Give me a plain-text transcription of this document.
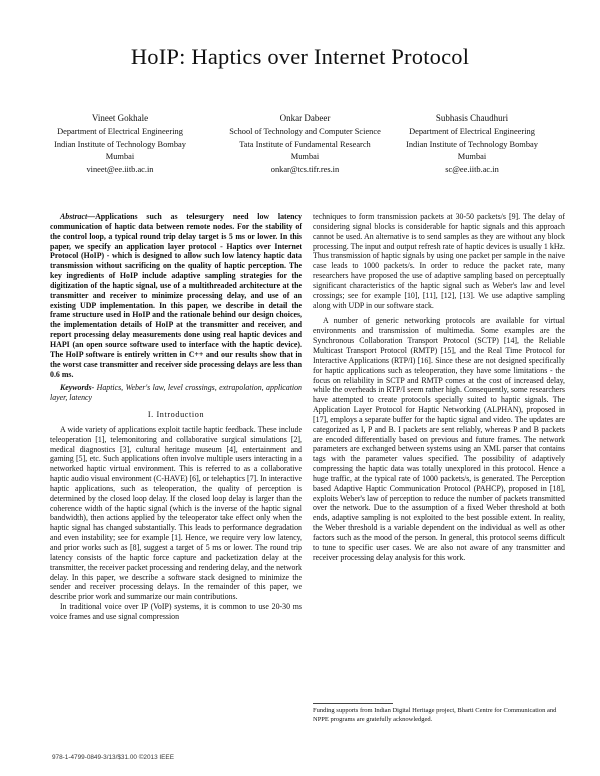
HoIP: Haptics over Internet Protocol
Vineet Gokhale
Department of Electrical Engineering
Indian Institute of Technology Bombay
Mumbai
vineet@ee.iitb.ac.in
Onkar Dabeer
School of Technology and Computer Science
Tata Institute of Fundamental Research
Mumbai
onkar@tcs.tifr.res.in
Subhasis Chaudhuri
Department of Electrical Engineering
Indian Institute of Technology Bombay
Mumbai
sc@ee.iitb.ac.in

Abstract—Applications such as telesurgery need low latency communication of haptic data between remote nodes. For the stability of the control loop, a typical round trip delay target is 5 ms or lower. In this paper, we specify an application layer protocol - Haptics over Internet Protocol (HoIP) - which is designed to allow such low latency haptic data transmission without sacrificing on the quality of haptic perception. The key ingredients of HoIP include adaptive sampling strategies for the digitization of the haptic signal, use of a multithreaded architecture at the transmitter and receiver to minimize processing delay, and use of an existing UDP implementation. In this paper, we describe in detail the frame structure used in HoIP and the rationale behind our design choices, the implementation details of HoIP at the transmitter and receiver, and report processing delay measurements done using real haptic devices and HAPI (an open source software used to interface with the haptic device). The HoIP software is entirely written in C++ and our results show that in the worst case transmitter and receiver side processing delays are less than 0.6 ms.

Keywords- Haptics, Weber's law, level crossings, extrapolation, application layer, latency

I. Introduction

A wide variety of applications exploit tactile haptic feedback. These include teleoperation [1], telemonitoring and collaborative surgical simulations [2], medical diagnostics [3], cultural heritage museum [4], entertainment and gaming [5], etc. Such applications often involve multiple users interacting in a networked haptic virtual environment. This is referred to as a collaborative haptic audio visual environment (C-HAVE) [6], or telehaptics [7]. In interactive haptic applications, such as teleoperation, the quality of perception is determined by the closed loop delay. If the closed loop delay is larger than the coherence width of the haptic signal (which is the inverse of the haptic signal bandwidth), then actions applied by the teleoperator take effect only when the haptic signal has changed substantially. This leads to performance degradation and even instability; see for example [1]. Hence, we require very low latency, and prior works such as [8], suggest a target of 5 ms or lower. The round trip latency consists of the haptic force capture and packetization delay at the transmitter, the receiver packet processing and rendering delay, and the network delay. In this paper, we describe a software stack designed to minimize the sender and receiver processing delays. In the remainder of this paper, we describe prior work and summarize our main contributions.

In traditional voice over IP (VoIP) systems, it is common to use 20-30 ms voice frames and use signal compression

techniques to form transmission packets at 30-50 packets/s [9]. The delay of considering signal blocks is considerable for haptic signals and this approach cannot be used. An alternative is to send samples as they are without any block processing. The input and output refresh rate of haptic devices is usually 1 kHz. Thus transmission of haptic signals by using one packet per sample in the naive case leads to 1000 packets/s. In order to reduce the packet rate, many researchers have proposed the use of adaptive sampling based on perceptually significant characteristics of the haptic signal such as Weber's law and level crossings; see for example [10], [11], [12], [13]. We use adaptive sampling along with UDP in our software stack.

A number of generic networking protocols are available for virtual environments and transmission of multimedia. Some examples are the Synchronous Collaboration Transport Protocol (SCTP) [14], the Reliable Multicast Transport Protocol (RMTP) [15], and the Real Time Protocol for Interactive Applications (RTP/I) [16]. Since these are not designed specifically for haptic applications such as teleoperation, they have some limitations - the focus on reliability in SCTP and RMTP comes at the cost of increased delay, while the overheads in RTP/I seem rather high. Consequently, some researchers have attempted to create protocols specially suited to haptic signals. The Application Layer Protocol for Haptic Networking (ALPHAN), proposed in [17], employs a separate buffer for the haptic signal and video. The updates are categorized as I, P and B. I packets are sent reliably, whereas P and B packets are encoded differentially based on previous and future frames. The network parameters are exchanged between systems using an XML parser that contains tags with the parameter values specified. The possibility of adaptively compressing the haptic data was totally unexplored in this protocol. Hence a huge traffic, at the typical rate of 1000 packets/s, is generated. The Perception based Adaptive Haptic Communication Protocol (PAHCP), proposed in [18], exploits Weber's law of perception to reduce the number of packets transmitted over the network. Due to the assumption of a fixed Weber threshold at both ends, adaptive sampling is not exploited to the best possible extent. In reality, the Weber threshold is a variable dependent on the individual as well as other factors such as the mood of the person. In general, this protocol seems difficult to tune to specific user cases. We are also not aware of any transmitter and receiver processing delay analysis for this work.

Funding supports from Indian Digital Heritage project, Bharti Centre for Communication and NPPE programs are gratefully acknowledged.
978-1-4799-0849-3/13/$31.00 ©2013 IEEE
